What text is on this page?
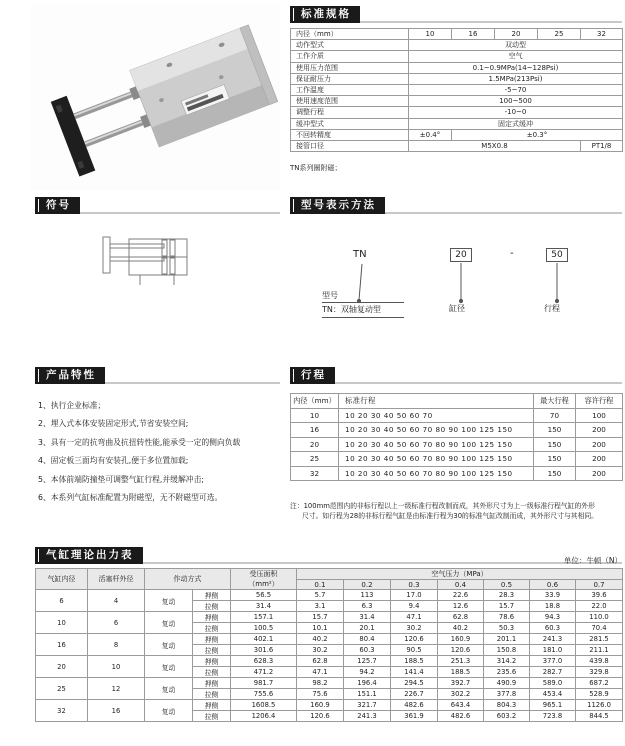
标准规格
内径（mm）	10	16	20	25	32
动作型式	双动型				
工作介质	空气				
使用压力范围	0.1~0.9MPa(14~128Psi)				
保证耐压力	1.5MPa(213Psi)				
工作温度	-5~70				
使用速度范围	100~500				
调整行程	-10~0				
缓冲型式	固定式缓冲				
不回转精度	±0.4°	±0.3°			
接管口径	M5X0.8				PT1/8
TN系列圈附磁；
符号	型号表示方法
TN	20	-	50
型号
TN：双轴复动型	缸径	行程
产品特性
1、执行企业标准；
2、埋入式本体安装固定形式,节省安装空间;
3、具有一定的抗弯曲及抗扭转性能,能承受一定的侧向负载
4、固定板三面均有安装孔,便于多位置加载;
5、本体前端防撞垫可调整气缸行程,并缓解冲击;
6、本系列气缸标准配置为附磁型，无不附磁型可选。
行程
内径（mm）	标准行程	最大行程	容许行程
10	10 20 30 40 50 60 70	70	100
16	10 20 30 40 50 60 70 80 90 100 125 150	150	200
20	10 20 30 40 50 60 70 80 90 100 125 150	150	200
25	10 20 30 40 50 60 70 80 90 100 125 150	150	200
32	10 20 30 40 50 60 70 80 90 100 125 150	150	200
注：100mm范围内的非标行程以上一级标准行程改制而成，其外形尺寸为上一级标准行程气缸的外形
尺寸。如行程为28的非标行程气缸是由标准行程为30的标准气缸改制而成，其外形尺寸与其相同。
气缸理论出力表	单位：牛顿（N）
气缸内径	活塞杆外径	作动方式		受压面积
（mm²）	空气压力（MPa）						
					0.1	0.2	0.3	0.4	0.5	0.6	0.7
6	4	复动	押侧	56.5	5.7	113	17.0	22.6	28.3	33.9	39.6
			拉侧	31.4	3.1	6.3	9.4	12.6	15.7	18.8	22.0
10	6	复动	押侧	157.1	15.7	31.4	47.1	62.8	78.6	94.3	110.0
			拉侧	100.5	10.1	20.1	30.2	40.2	50.3	60.3	70.4
16	8	复动	押侧	402.1	40.2	80.4	120.6	160.9	201.1	241.3	281.5
			拉侧	301.6	30.2	60.3	90.5	120.6	150.8	181.0	211.1
20	10	复动	押侧	628.3	62.8	125.7	188.5	251.3	314.2	377.0	439.8
			拉侧	471.2	47.1	94.2	141.4	188.5	235.6	282.7	329.8
25	12	复动	押侧	981.7	98.2	196.4	294.5	392.7	490.9	589.0	687.2
			拉侧	755.6	75.6	151.1	226.7	302.2	377.8	453.4	528.9
32	16	复动	押侧	1608.5	160.9	321.7	482.6	643.4	804.3	965.1	1126.0
			拉侧	1206.4	120.6	241.3	361.9	482.6	603.2	723.8	844.5
